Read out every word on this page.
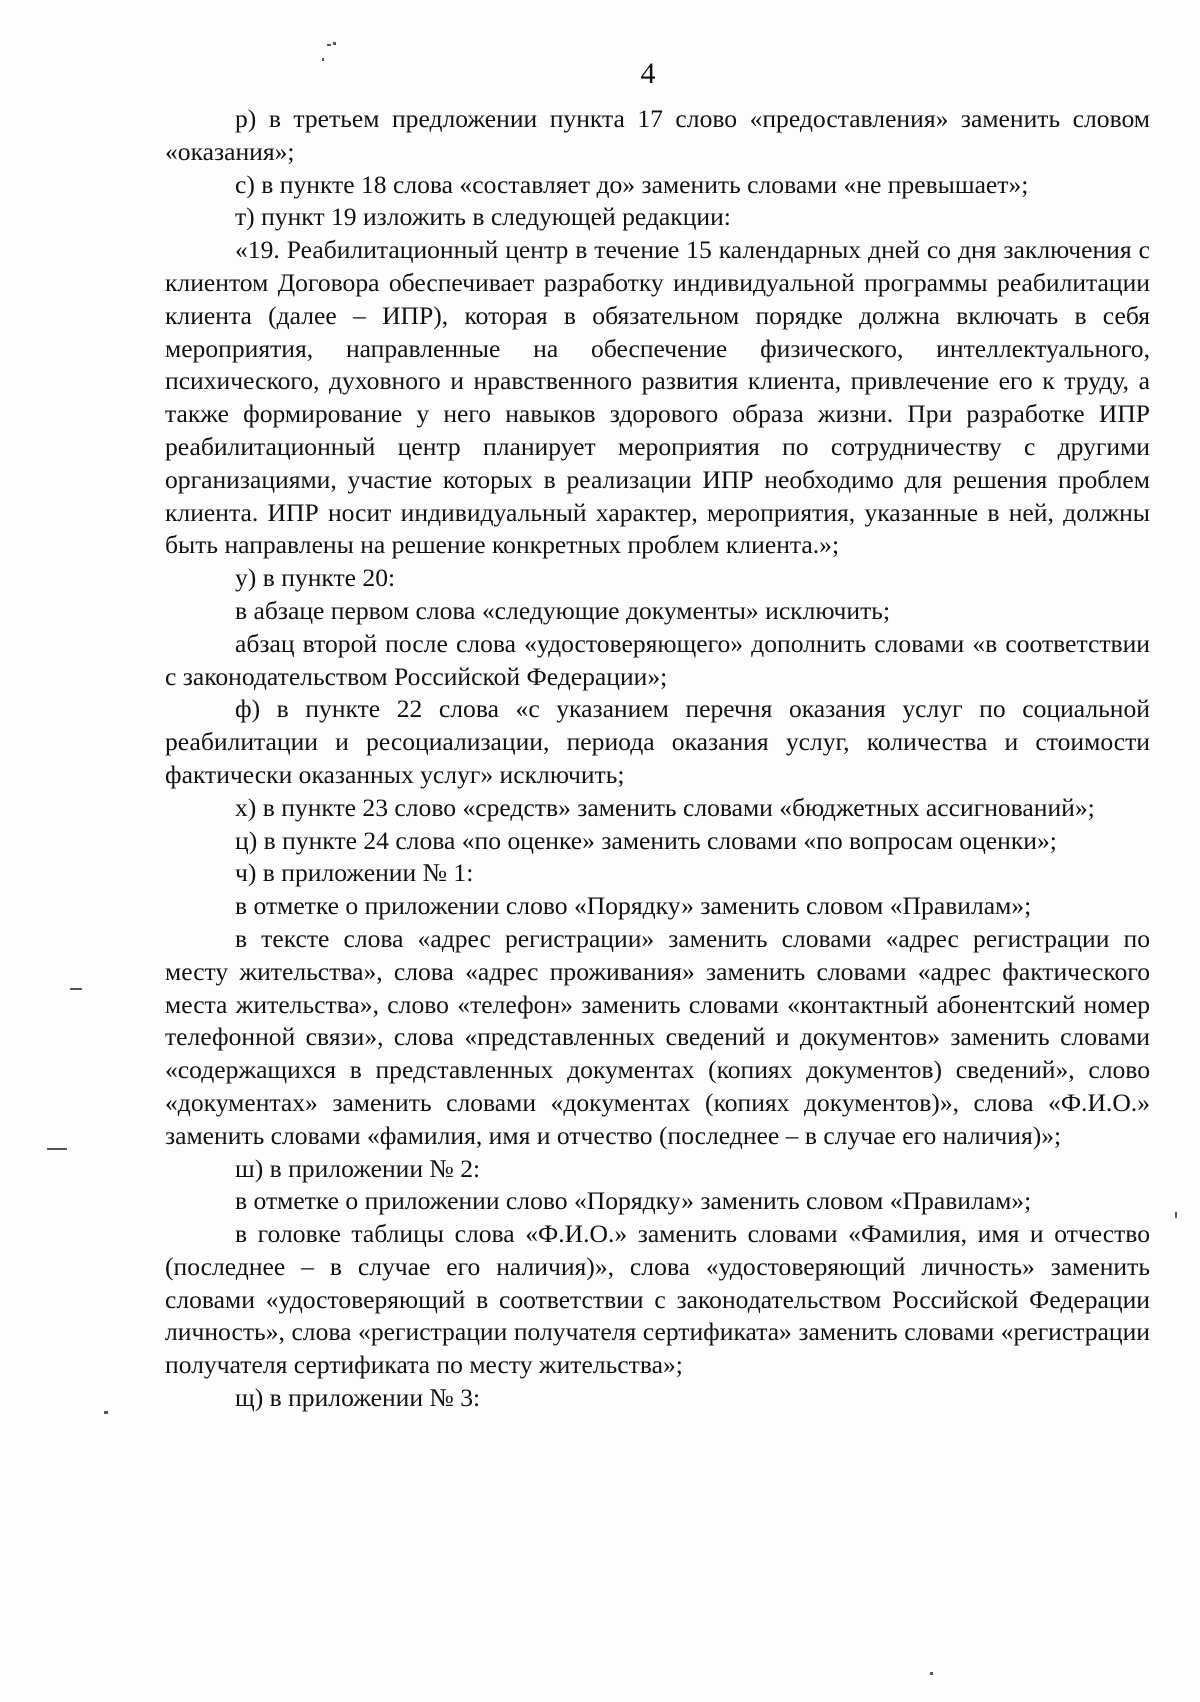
4

р) в третьем предложении пункта 17 слово «предоставления» заменить словом «оказания»;

с) в пункте 18 слова «составляет до» заменить словами «не превышает»;

т) пункт 19 изложить в следующей редакции:

«19. Реабилитационный центр в течение 15 календарных дней со дня заключения с клиентом Договора обеспечивает разработку индивидуальной программы реабилитации клиента (далее – ИПР), которая в обязательном порядке должна включать в себя мероприятия, направленные на обеспечение физического, интеллектуального, психического, духовного и нравственного развития клиента, привлечение его к труду, а также формирование у него навыков здорового образа жизни. При разработке ИПР реабилитационный центр планирует мероприятия по сотрудничеству с другими организациями, участие которых в реализации ИПР необходимо для решения проблем клиента. ИПР носит индивидуальный характер, мероприятия, указанные в ней, должны быть направлены на решение конкретных проблем клиента.»;

у) в пункте 20:

в абзаце первом слова «следующие документы» исключить;

абзац второй после слова «удостоверяющего» дополнить словами «в соответствии с законодательством Российской Федерации»;

ф) в пункте 22 слова «с указанием перечня оказания услуг по социальной реабилитации и ресоциализации, периода оказания услуг, количества и стоимости фактически оказанных услуг» исключить;

х) в пункте 23 слово «средств» заменить словами «бюджетных ассигнований»;

ц) в пункте 24 слова «по оценке» заменить словами «по вопросам оценки»;

ч) в приложении № 1:

в отметке о приложении слово «Порядку» заменить словом «Правилам»;

в тексте слова «адрес регистрации» заменить словами «адрес регистрации по месту жительства», слова «адрес проживания» заменить словами «адрес фактического места жительства», слово «телефон» заменить словами «контактный абонентский номер телефонной связи», слова «представленных сведений и документов» заменить словами «содержащихся в представленных документах (копиях документов) сведений», слово «документах» заменить словами «документах (копиях документов)», слова «Ф.И.О.» заменить словами «фамилия, имя и отчество (последнее – в случае его наличия)»;

ш) в приложении № 2:

в отметке о приложении слово «Порядку» заменить словом «Правилам»;

в головке таблицы слова «Ф.И.О.» заменить словами «Фамилия, имя и отчество (последнее – в случае его наличия)», слова «удостоверяющий личность» заменить словами «удостоверяющий в соответствии с законодательством Российской Федерации личность», слова «регистрации получателя сертификата» заменить словами «регистрации получателя сертификата по месту жительства»;

щ) в приложении № 3:
